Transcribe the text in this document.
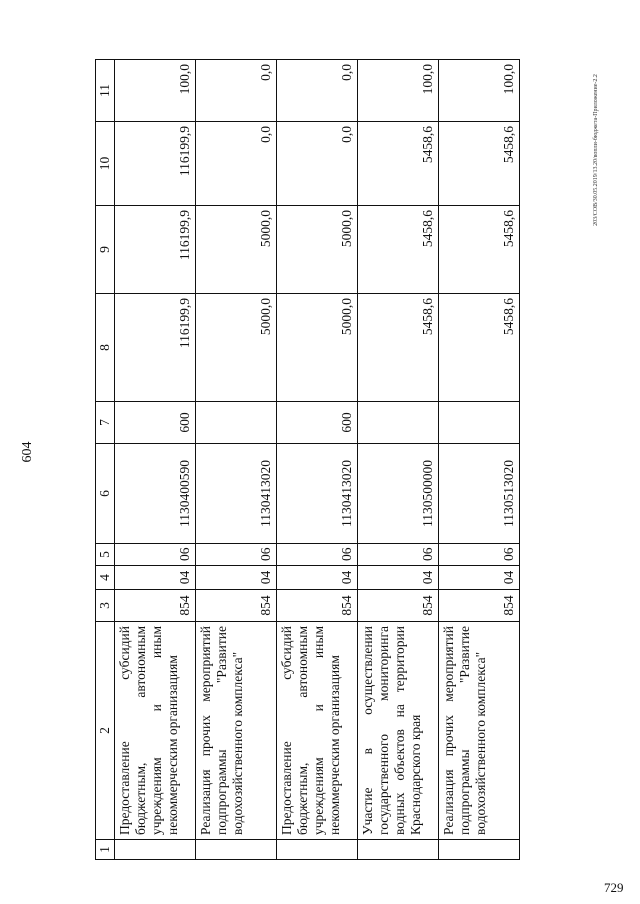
604
203/СОВ/30.05.2019/13.20/вопли-бюджета-Приложение-2.2
729
1	2	3	4	5	6	7	8	9	10	11

	Предоставление субсидий бюджетным, автономным учреждениям и иным некоммерческим организациям	854	04	06	1130400590	600	116199,9	116199,9	116199,9	100,0

	Реализация прочих мероприятий подпрограммы "Развитие водохозяйственного комплекса"	854	04	06	1130413020		5000,0	5000,0	0,0	0,0

	Предоставление субсидий бюджетным, автономным учреждениям и иным некоммерческим организациям	854	04	06	1130413020	600	5000,0	5000,0	0,0	0,0

	Участие в осуществлении государственного мониторинга водных объектов на территории Краснодарского края	854	04	06	1130500000		5458,6	5458,6	5458,6	100,0

	Реализация прочих мероприятий подпрограммы "Развитие водохозяйственного комплекса"	854	04	06	1130513020		5458,6	5458,6	5458,6	100,0
